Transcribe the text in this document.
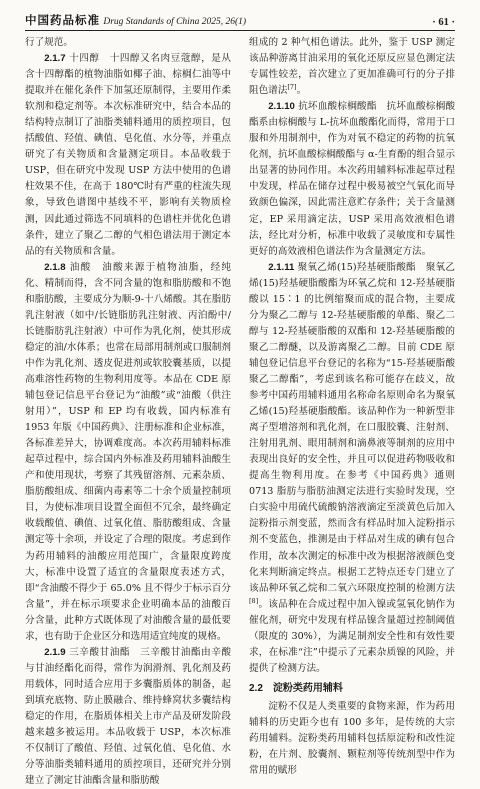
中国药品标准 Drug Standards of China 2025, 26(1)	· 61 ·

行了规范。

2.1.7 十四醇　十四醇又名肉豆蔻醇，是从含十四醇酯的植物油脂如椰子油、棕榈仁油等中提取并在催化条件下加氢还原制得，主要用作柔软剂和稳定剂等。本次标准研究中，结合本品的结构特点制订了油脂类辅料通用的质控项目，包括酸值、羟值、碘值、皂化值、水分等，并重点研究了有关物质和含量测定项目。本品收载于 USP，但在研究中发现 USP 方法中使用的色谱柱效果不佳，在高于 180℃时有严重的柱流失现象，导致色谱图中基线不平，影响有关物质检测，因此通过筛选不同填料的色谱柱并优化色谱条件，建立了聚乙二醇的气相色谱法用于测定本品的有关物质和含量。

2.1.8 油酸　油酸来源于植物油脂，经纯化、精制而得，含不同含量的饱和脂肪酸和不饱和脂肪酸，主要成分为顺-9-十八烯酸。其在脂肪乳注射液（如中/长链脂肪乳注射液、丙泊酚中/长链脂肪乳注射液）中可作为乳化剂，使其形成稳定的油/水体系；也常在局部用制剂或口服制剂中作为乳化剂、透皮促进剂或软胶囊基质，以提高难溶性药物的生物利用度等。本品在 CDE 原辅包登记信息平台登记为“油酸”或“油酸（供注射用）”，USP 和 EP 均有收载，国内标准有 1953 年版《中国药典》、注册标准和企业标准，各标准差异大，协调难度高。本次药用辅料标准起草过程中，综合国内外标准及药用辅料油酸生产和使用现状，考察了其残留溶剂、元素杂质、脂肪酸组成、细菌内毒素等二十余个质量控制项目，为使标准项目设置全面但不冗余，最终确定收载酸值、碘值、过氧化值、脂肪酸组成、含量测定等十余项，并设定了合理的限度。考虑到作为药用辅料的油酸应用范围广，含量限度跨度大，标准中设置了适宜的含量限度表述方式，即“含油酸不得少于 65.0% 且不得少于标示百分含量”，并在标示项要求企业明确本品的油酸百分含量，此种方式既体现了对油酸含量的最低要求，也有助于企业区分和选用适宜纯度的规格。

2.1.9 三辛酸甘油酯　三辛酸甘油酯由辛酸与甘油经酯化而得，常作为润滑剂、乳化剂及药用载体，同时适合应用于多囊脂质体的制备，起到填充底物、防止膜融合、维持蜂窝状多囊结构稳定的作用，在脂质体相关上市产品及研发阶段越来越多被运用。本品收载于 USP，本次标准不仅制订了酸值、羟值、过氧化值、皂化值、水分等油脂类辅料通用的质控项目，还研究并分别建立了测定甘油酯含量和脂肪酸

组成的 2 种气相色谱法。此外，鉴于 USP 测定该品种游离甘油采用的氧化还原反应显色测定法专属性较差，首次建立了更加准确可行的分子排阻色谱法[7]。

2.1.10 抗坏血酸棕榈酸酯　抗坏血酸棕榈酸酯系由棕榈酸与 L-抗坏血酸酯化而得，常用于口服和外用制剂中，作为对氧不稳定的药物的抗氧化剂，抗坏血酸棕榈酸酯与 α-生育酚的组合显示出显著的协同作用。本次药用辅料标准起草过程中发现，样品在储存过程中极易被空气氧化而导致颜色偏深，因此需注意贮存条件；关于含量测定，EP 采用滴定法，USP 采用高效液相色谱法，经比对分析，标准中收载了灵敏度和专属性更好的高效液相色谱法作为含量测定方法。

2.1.11 聚氧乙烯(15)羟基硬脂酸酯　聚氧乙烯(15)羟基硬脂酸酯为环氧乙烷和 12-羟基硬脂酸以 15∶1 的比例缩聚而成的混合物，主要成分为聚乙二醇与 12-羟基硬脂酸的单酯、聚乙二醇与 12-羟基硬脂酸的双酯和 12-羟基硬脂酸的聚乙二醇醚，以及游离聚乙二醇。目前 CDE 原辅包登记信息平台登记的名称为“15-羟基硬脂酸聚乙二醇酯”，考虑到该名称可能存在歧义，故参考中国药用辅料通用名称命名原则命名为聚氧乙烯(15)羟基硬脂酸酯。该品种作为一种新型非离子型增溶剂和乳化剂，在口服胶囊、注射剂、注射用乳剂、眼用制剂和滴鼻液等制剂的应用中表现出良好的安全性，并且可以促进药物吸收和提高生物利用度。在参考《中国药典》通则 0713 脂肪与脂肪油测定法进行实验时发现，空白实验中用硫代硫酸钠溶液滴定至淡黄色后加入淀粉指示剂变蓝，然而含有样品时加入淀粉指示剂不变蓝色，推测是由于样品对生成的碘有包合作用，故本次测定的标准中改为根据溶液颜色变化来判断滴定终点。根据工艺特点还专门建立了该品种环氧乙烷和二氧六环限度控制的检测方法[8]。该品种在合成过程中加入镍或氢氧化钠作为催化剂，研究中发现有样品镍含量超过控制阈值（限度的 30%），为满足制剂安全性和有效性要求，在标准“注”中提示了元素杂质镍的风险，并提供了检测方法。

2.2　 淀粉类药用辅料

淀粉不仅是人类重要的食物来源，作为药用辅料的历史距今也有 100 多年，是传统的大宗药用辅料。淀粉类药用辅料包括原淀粉和改性淀粉，在片剂、胶囊剂、颗粒剂等传统剂型中作为常用的赋形
